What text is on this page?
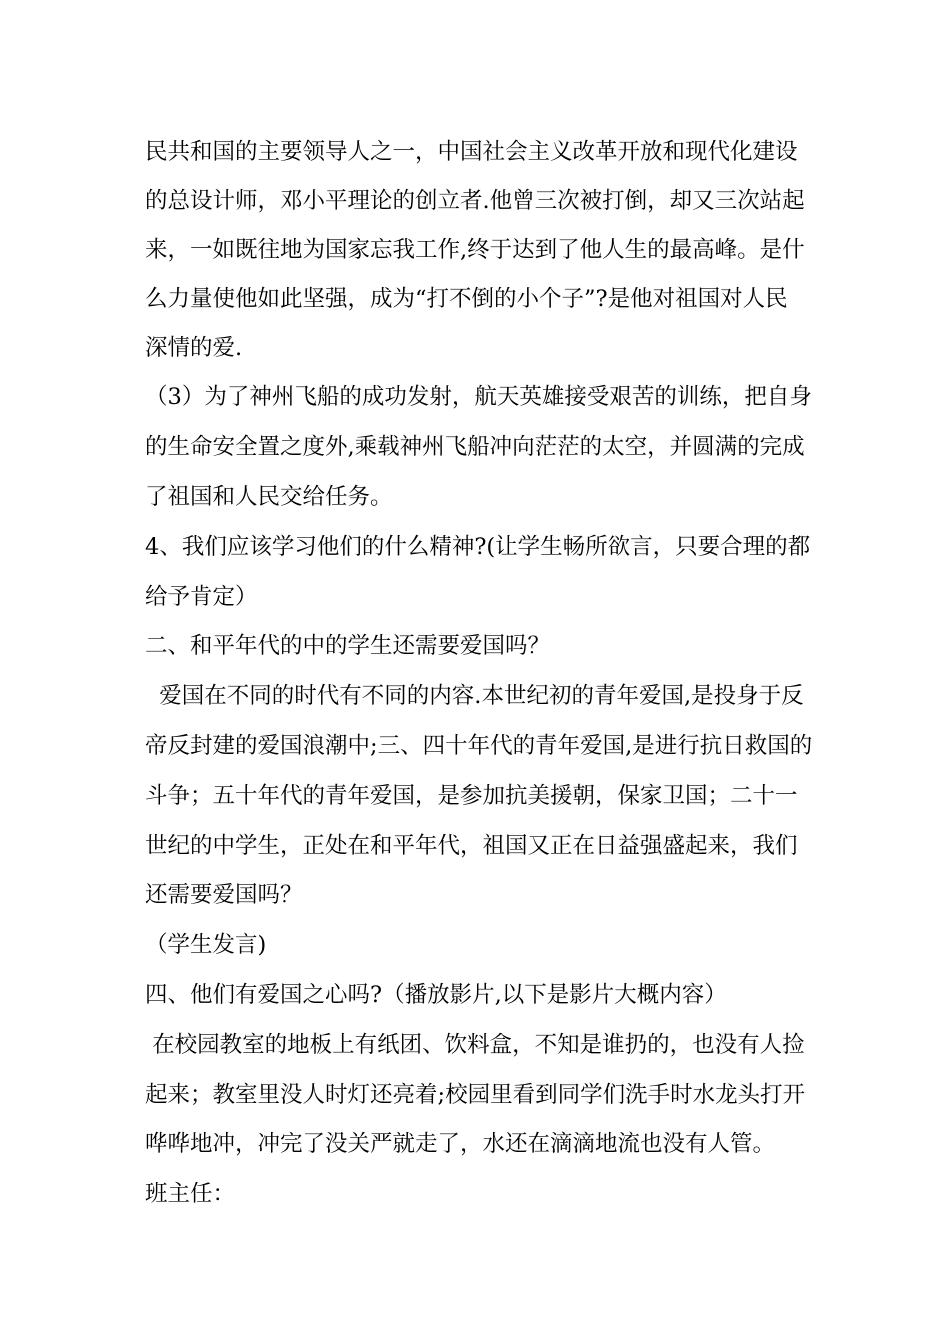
民共和国的主要领导人之一，中国社会主义改革开放和现代化建设
的总设计师，邓小平理论的创立者.他曾三次被打倒，却又三次站起
来，一如既往地为国家忘我工作,终于达到了他人生的最高峰。是什
么力量使他如此坚强，成为“打不倒的小个子”?是他对祖国对人民
深情的爱.
（3）为了神州飞船的成功发射，航天英雄接受艰苦的训练，把自身
的生命安全置之度外,乘载神州飞船冲向茫茫的太空，并圆满的完成
了祖国和人民交给任务。
4、我们应该学习他们的什么精神?(让学生畅所欲言，只要合理的都
给予肯定）
二、和平年代的中的学生还需要爱国吗？
爱国在不同的时代有不同的内容.本世纪初的青年爱国,是投身于反
帝反封建的爱国浪潮中;三、四十年代的青年爱国,是进行抗日救国的
斗争；五十年代的青年爱国，是参加抗美援朝，保家卫国；二十一
世纪的中学生，正处在和平年代，祖国又正在日益强盛起来，我们
还需要爱国吗？
（学生发言)
四、他们有爱国之心吗?（播放影片,以下是影片大概内容）
在校园教室的地板上有纸团、饮料盒，不知是谁扔的，也没有人捡
起来；教室里没人时灯还亮着;校园里看到同学们洗手时水龙头打开
哗哗地冲，冲完了没关严就走了，水还在滴滴地流也没有人管。
班主任：
